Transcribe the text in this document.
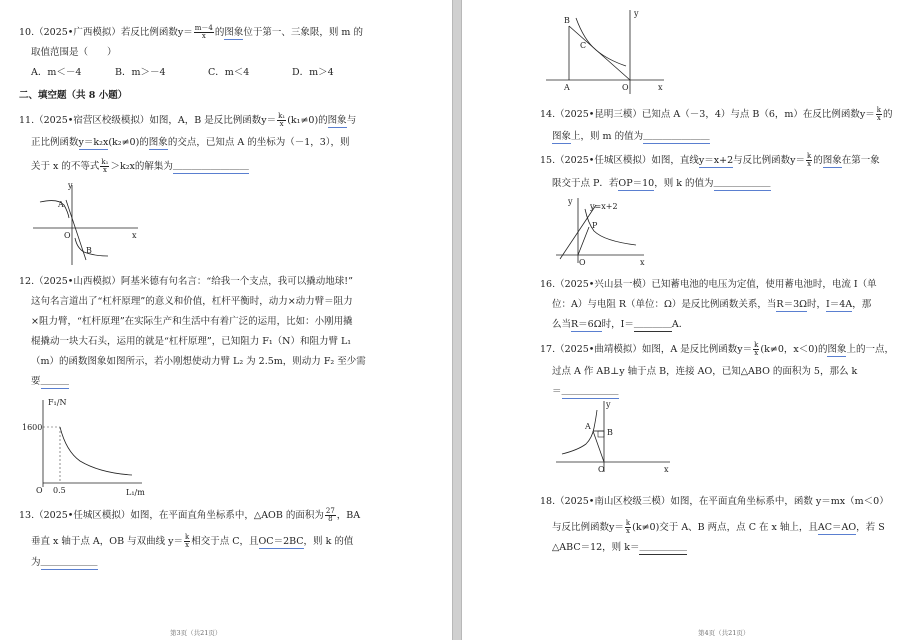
10.（2025•广西模拟）若反比例函数$y= \frac{m-4}{x}$ 的图象位于第一、三象限，则 m 的
取值范围是（　　）
A．m＜－4	B．m＞－4	C．m＜4	D．m＞4
二、填空题（共 8 小题）
11.（2025•宿营区校级模拟）如图，A，B 是反比例函数$y= \frac{\text{k₁}}{x} (k_1\ne 0)$的图象与
正比例函数y＝k₂x(k₂≠0)的图象的交点，已知点 A 的坐标为（－1，3），则
关于 x 的不等式 $\frac{\text{k₁}}{x} >k_2x$的解集为＿＿＿＿＿＿＿＿
y
A
O
B
x
12.（2025•山西模拟）阿基米德有句名言：“给我一个支点，我可以撬动地球!”
这句名言道出了“杠杆原理”的意义和价值，杠杆平衡时，动力×动力臂＝阻力
×阻力臂，“杠杆原理”在实际生产和生活中有着广泛的运用，比如：小刚用撬
棍撬动一块大石头，运用的就是“杠杆原理”，已知阻力 F₁（N）和阻力臂 L₁
（m）的函数图象如图所示，若小刚想使动力臂 L₂ 为 2.5m，则动力 F₂ 至少需
要＿＿＿
F₁/N
1600
O 0.5	L₁/m
13.（2025•任城区模拟）如图，在平面直角坐标系中，△AOB 的面积为 $\frac{27}{8}$ ，BA
垂直 x 轴于点 A，OB 与双曲线 $y= \frac{k}{x}$ 相交于点 C，且OC＝2BC，则 k 的值
为＿＿＿＿＿＿
第3页（共21页）
B
y
C
A	O	x
14.（2025•昆明三模）已知点 A（－3，4）与点 B（6，m）在反比例函数$y= \frac{k}{x}$ 的
图象上，则 m 的值为＿＿＿＿＿＿＿
15.（2025•任城区模拟）如图，直线y＝x+2与反比例函数$y= \frac{k}{x}$ 的图象在第一象
限交于点 P．若OP＝10，则 k 的值为＿＿＿＿＿＿
y
y=x+2
P
O	x
16.（2025•兴山县一模）已知蓄电池的电压为定值，使用蓄电池时，电流 I（单
位：A）与电阻 R（单位：Ω）是反比例函数关系，当R＝3Ω时，I＝4A，那
么当R＝6Ω时，I＝＿＿＿＿A．
17.（2025•曲靖模拟）如图，A 是反比例函数$y= \frac{k}{x} (k\ne 0$，x＜0)的图象上的一点，
过点 A 作 AB⊥y 轴于点 B，连接 AO，已知△ABO 的面积为 5，那么 k
＝＿＿＿＿＿＿
y
A
B
O	x
18.（2025•南山区校级三模）如图，在平面直角坐标系中，函数 y＝mx（m＜0）
与反比例函数$y= \frac{k}{x} (k\ne 0)$交于 A、B 两点，点 C 在 x 轴上，且AC＝AO，若 S
△ABC＝12，则 k＝＿＿＿＿＿
第4页（共21页）
